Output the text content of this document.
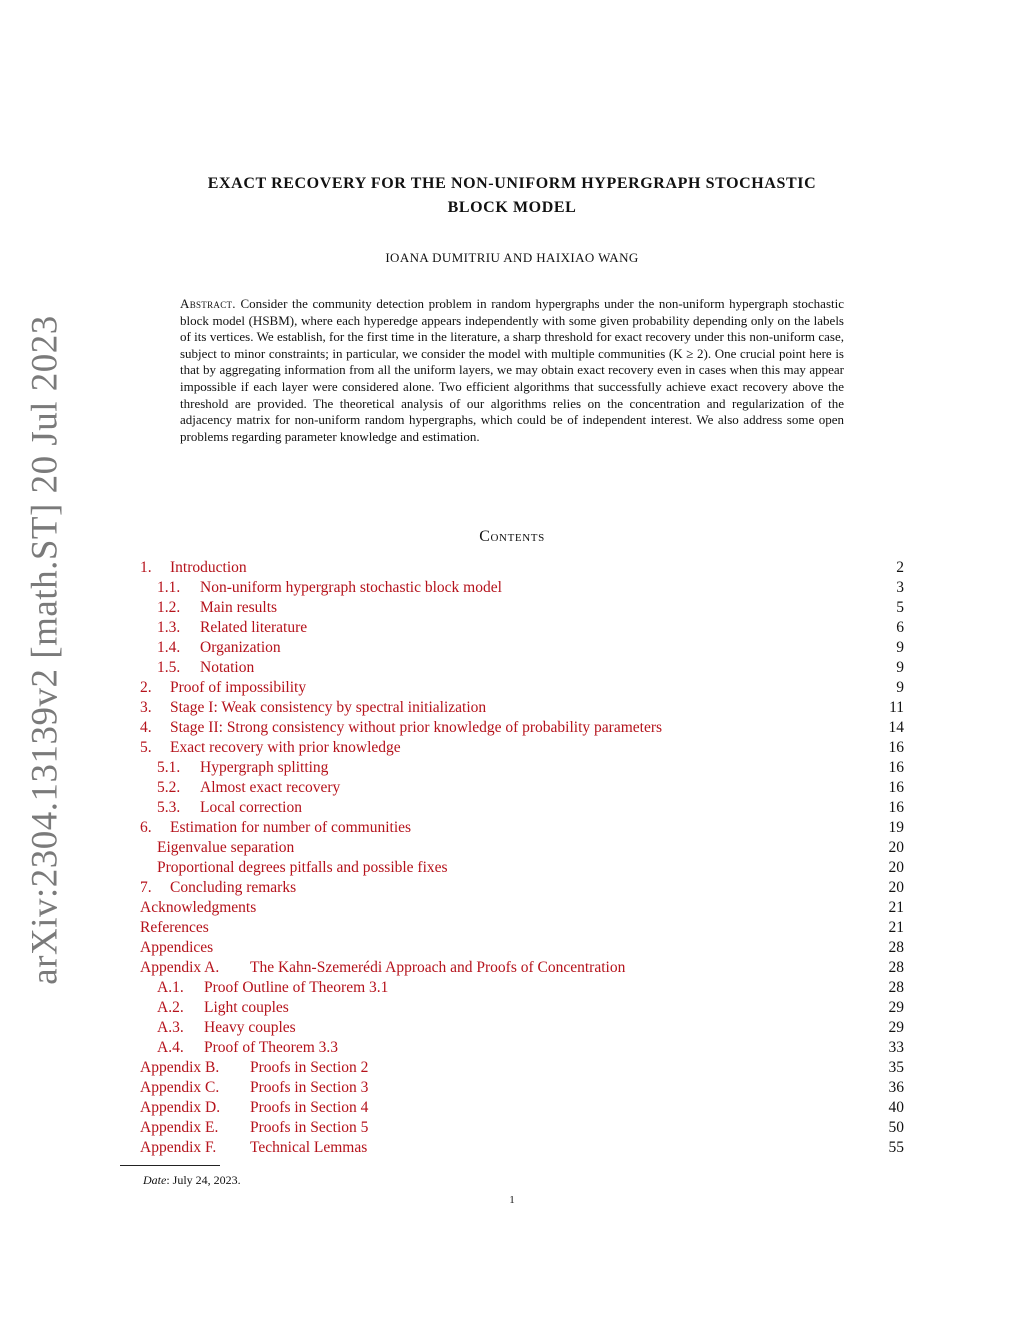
arXiv:2304.13139v2 [math.ST] 20 Jul 2023
EXACT RECOVERY FOR THE NON-UNIFORM HYPERGRAPH STOCHASTIC
BLOCK MODEL
IOANA DUMITRIU AND HAIXIAO WANG
Abstract. Consider the community detection problem in random hypergraphs under the non-uniform hypergraph stochastic block model (HSBM), where each hyperedge appears independently with some given probability depending only on the labels of its vertices. We establish, for the first time in the literature, a sharp threshold for exact recovery under this non-uniform case, subject to minor constraints; in particular, we consider the model with multiple communities (K ≥ 2). One crucial point here is that by aggregating information from all the uniform layers, we may obtain exact recovery even in cases when this may appear impossible if each layer were considered alone. Two efficient algorithms that successfully achieve exact recovery above the threshold are provided. The theoretical analysis of our algorithms relies on the concentration and regularization of the adjacency matrix for non-uniform random hypergraphs, which could be of independent interest. We also address some open problems regarding parameter knowledge and estimation.
Contents
1.	Introduction	2
1.1.	Non-uniform hypergraph stochastic block model	3
1.2.	Main results	5
1.3.	Related literature	6
1.4.	Organization	9
1.5.	Notation	9
2.	Proof of impossibility	9
3.	Stage I: Weak consistency by spectral initialization	11
4.	Stage II: Strong consistency without prior knowledge of probability parameters	14
5.	Exact recovery with prior knowledge	16
5.1.	Hypergraph splitting	16
5.2.	Almost exact recovery	16
5.3.	Local correction	16
6.	Estimation for number of communities	19
Eigenvalue separation	20
Proportional degrees pitfalls and possible fixes	20
7.	Concluding remarks	20
Acknowledgments	21
References	21
Appendices	28
Appendix A.	The Kahn-Szemerédi Approach and Proofs of Concentration	28
A.1.	Proof Outline of Theorem 3.1	28
A.2.	Light couples	29
A.3.	Heavy couples	29
A.4.	Proof of Theorem 3.3	33
Appendix B.	Proofs in Section 2	35
Appendix C.	Proofs in Section 3	36
Appendix D.	Proofs in Section 4	40
Appendix E.	Proofs in Section 5	50
Appendix F.	Technical Lemmas	55
Date: July 24, 2023.
1
